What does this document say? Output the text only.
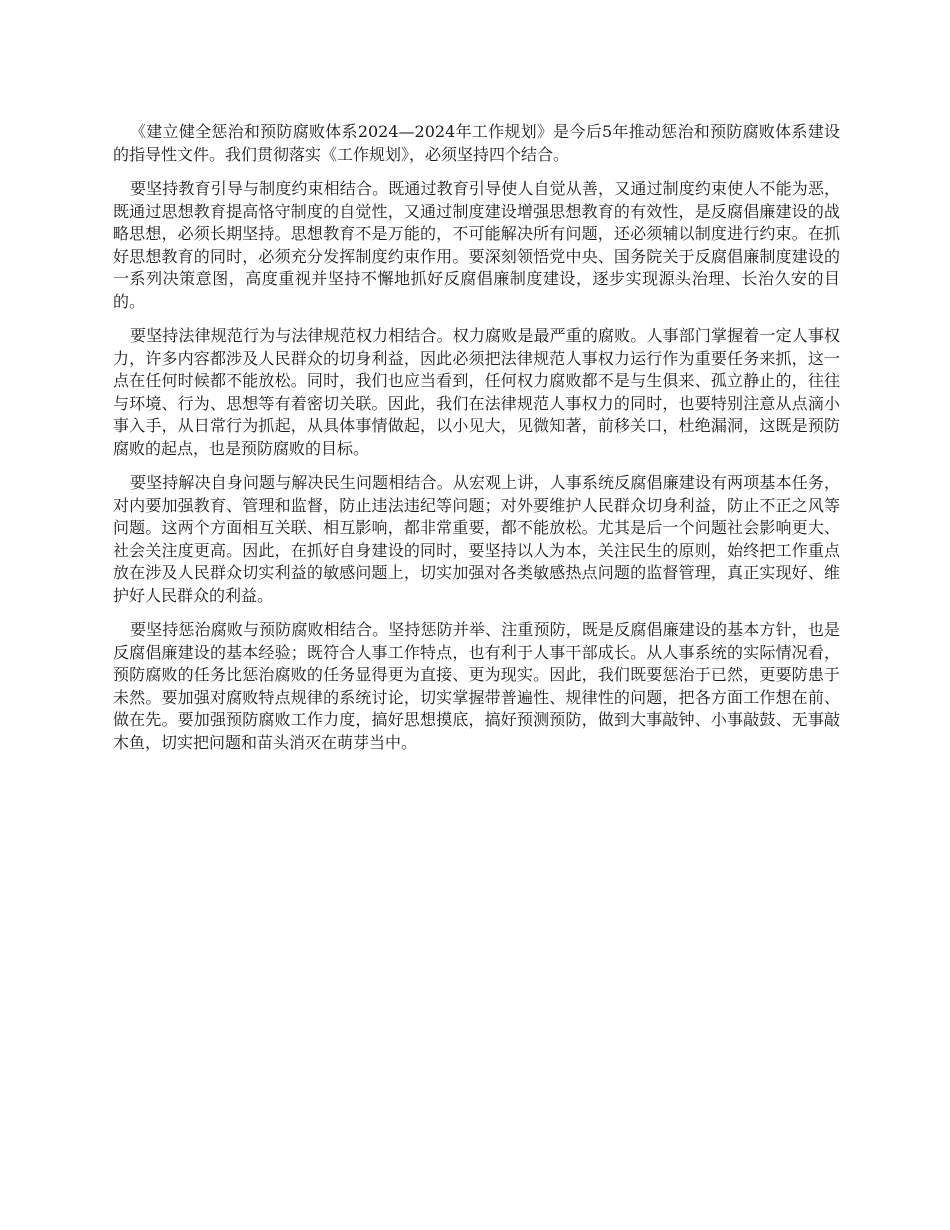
《建立健全惩治和预防腐败体系2024—2024年工作规划》是今后5年推动惩治和预防腐败体系建设的指导性文件。我们贯彻落实《工作规划》，必须坚持四个结合。

要坚持教育引导与制度约束相结合。既通过教育引导使人自觉从善，又通过制度约束使人不能为恶，既通过思想教育提高恪守制度的自觉性，又通过制度建设增强思想教育的有效性，是反腐倡廉建设的战略思想，必须长期坚持。思想教育不是万能的，不可能解决所有问题，还必须辅以制度进行约束。在抓好思想教育的同时，必须充分发挥制度约束作用。要深刻领悟党中央、国务院关于反腐倡廉制度建设的一系列决策意图，高度重视并坚持不懈地抓好反腐倡廉制度建设，逐步实现源头治理、长治久安的目的。

要坚持法律规范行为与法律规范权力相结合。权力腐败是最严重的腐败。人事部门掌握着一定人事权力，许多内容都涉及人民群众的切身利益，因此必须把法律规范人事权力运行作为重要任务来抓，这一点在任何时候都不能放松。同时，我们也应当看到，任何权力腐败都不是与生俱来、孤立静止的，往往与环境、行为、思想等有着密切关联。因此，我们在法律规范人事权力的同时，也要特别注意从点滴小事入手，从日常行为抓起，从具体事情做起，以小见大，见微知著，前移关口，杜绝漏洞，这既是预防腐败的起点，也是预防腐败的目标。

要坚持解决自身问题与解决民生问题相结合。从宏观上讲，人事系统反腐倡廉建设有两项基本任务，对内要加强教育、管理和监督，防止违法违纪等问题；对外要维护人民群众切身利益，防止不正之风等问题。这两个方面相互关联、相互影响，都非常重要，都不能放松。尤其是后一个问题社会影响更大、社会关注度更高。因此，在抓好自身建设的同时，要坚持以人为本，关注民生的原则，始终把工作重点放在涉及人民群众切实利益的敏感问题上，切实加强对各类敏感热点问题的监督管理，真正实现好、维护好人民群众的利益。

要坚持惩治腐败与预防腐败相结合。坚持惩防并举、注重预防，既是反腐倡廉建设的基本方针，也是反腐倡廉建设的基本经验；既符合人事工作特点，也有利于人事干部成长。从人事系统的实际情况看，预防腐败的任务比惩治腐败的任务显得更为直接、更为现实。因此，我们既要惩治于已然，更要防患于未然。要加强对腐败特点规律的系统讨论，切实掌握带普遍性、规律性的问题，把各方面工作想在前、做在先。要加强预防腐败工作力度，搞好思想摸底，搞好预测预防，做到大事敲钟、小事敲鼓、无事敲木鱼，切实把问题和苗头消灭在萌芽当中。
